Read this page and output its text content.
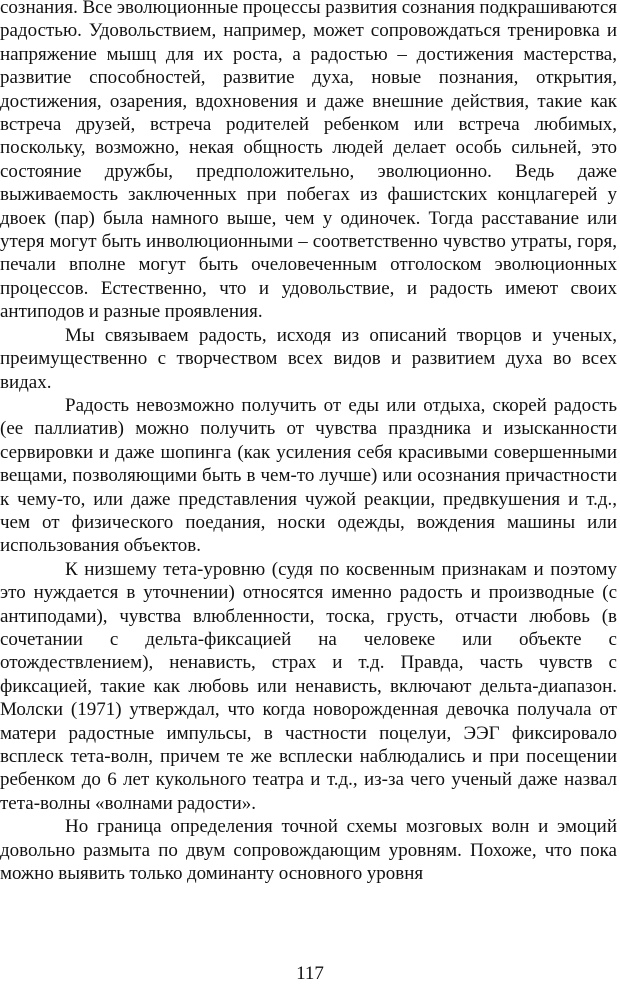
сознания. Все эволюционные процессы развития сознания подкрашиваются радостью. Удовольствием, например, может сопровождаться тренировка и напряжение мышц для их роста, а радостью – достижения мастерства, развитие способностей, развитие духа, новые познания, открытия, достижения, озарения, вдохновения и даже внешние действия, такие как встреча друзей, встреча родителей ребенком или встреча любимых, поскольку, возможно, некая общность людей делает особь сильней, это состояние дружбы, предположительно, эволюционно. Ведь даже выживаемость заключенных при побегах из фашистских концлагерей у двоек (пар) была намного выше, чем у одиночек. Тогда расставание или утеря могут быть инволюционными – соответственно чувство утраты, горя, печали вполне могут быть очеловеченным отголоском эволюционных процессов. Естественно, что и удовольствие, и радость имеют своих антиподов и разные проявления.

Мы связываем радость, исходя из описаний творцов и ученых, преимущественно с творчеством всех видов и развитием духа во всех видах.

Радость невозможно получить от еды или отдыха, скорей радость (ее паллиатив) можно получить от чувства праздника и изысканности сервировки и даже шопинга (как усиления себя красивыми совершенными вещами, позволяющими быть в чем-то лучше) или осознания причастности к чему-то, или даже представления чужой реакции, предвкушения и т.д., чем от физического поедания, носки одежды, вождения машины или использования объектов.

К низшему тета-уровню (судя по косвенным признакам и поэтому это нуждается в уточнении) относятся именно радость и производные (с антиподами), чувства влюбленности, тоска, грусть, отчасти любовь (в сочетании с дельта-фиксацией на человеке или объекте с отождествлением), ненависть, страх и т.д. Правда, часть чувств с фиксацией, такие как любовь или ненависть, включают дельта-диапазон. Молски (1971) утверждал, что когда новорожденная девочка получала от матери радостные импульсы, в частности поцелуи, ЭЭГ фиксировало всплеск тета-волн, причем те же всплески наблюдались и при посещении ребенком до 6 лет кукольного театра и т.д., из-за чего ученый даже назвал тета-волны «волнами радости».

Но граница определения точной схемы мозговых волн и эмоций довольно размыта по двум сопровождающим уровням. Похоже, что пока можно выявить только доминанту основного уровня

117
